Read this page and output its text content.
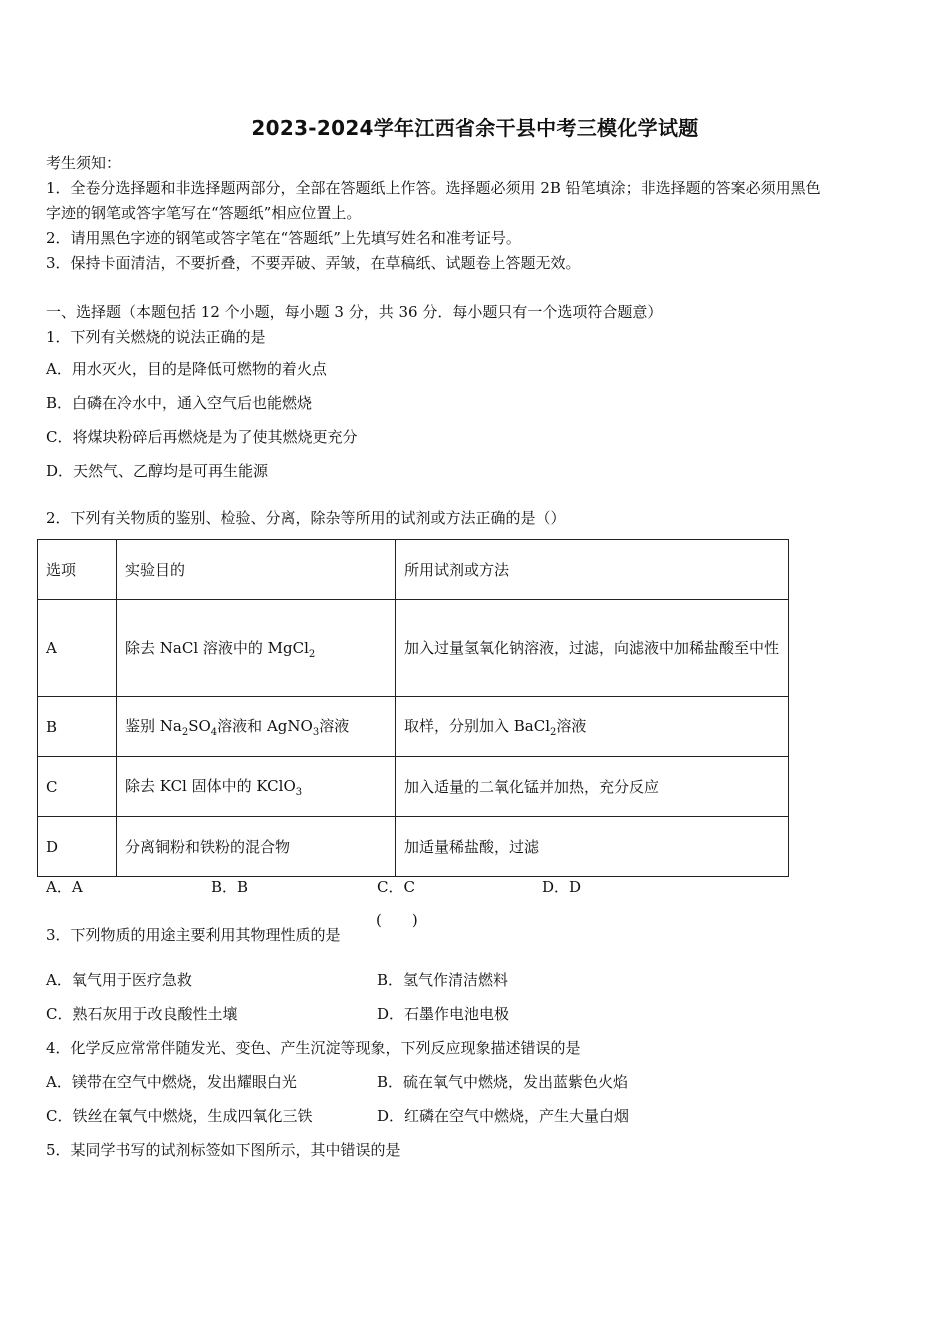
2023-2024学年江西省余干县中考三模化学试题
考生须知：
1．全卷分选择题和非选择题两部分，全部在答题纸上作答。选择题必须用 2B 铅笔填涂；非选择题的答案必须用黑色
字迹的钢笔或答字笔写在“答题纸”相应位置上。
2．请用黑色字迹的钢笔或答字笔在“答题纸”上先填写姓名和准考证号。
3．保持卡面清洁，不要折叠，不要弄破、弄皱，在草稿纸、试题卷上答题无效。
一、选择题（本题包括 12 个小题，每小题 3 分，共 36 分．每小题只有一个选项符合题意）
1．下列有关燃烧的说法正确的是
A．用水灭火，目的是降低可燃物的着火点
B．白磷在冷水中，通入空气后也能燃烧
C．将煤块粉碎后再燃烧是为了使其燃烧更充分
D．天然气、乙醇均是可再生能源
2．下列有关物质的鉴别、检验、分离，除杂等所用的试剂或方法正确的是（）
选项	实验目的	所用试剂或方法
A	除去 NaCl 溶液中的 MgCl$_2$	加入过量氢氧化钠溶液，过滤，向滤液中加稀盐酸至中性
B	鉴别 $Na_2SO_4$溶液和 AgNO$_3$溶液	取样，分别加入 BaCl$_2$溶液
C	除去 KCl 固体中的 KClO$_3$	加入适量的二氧化锰并加热，充分反应
D	分离铜粉和铁粉的混合物	加适量稀盐酸，过滤
A．A	B．B	C．C	D．D
3．下列物质的用途主要利用其物理性质的是
(　　)
A．氧气用于医疗急救	B．氢气作清洁燃料
C．熟石灰用于改良酸性土壤	D．石墨作电池电极
4．化学反应常常伴随发光、变色、产生沉淀等现象，下列反应现象描述错误的是
A．镁带在空气中燃烧，发出耀眼白光	B．硫在氧气中燃烧，发出蓝紫色火焰
C．铁丝在氧气中燃烧，生成四氧化三铁	D．红磷在空气中燃烧，产生大量白烟
5．某同学书写的试剂标签如下图所示，其中错误的是
